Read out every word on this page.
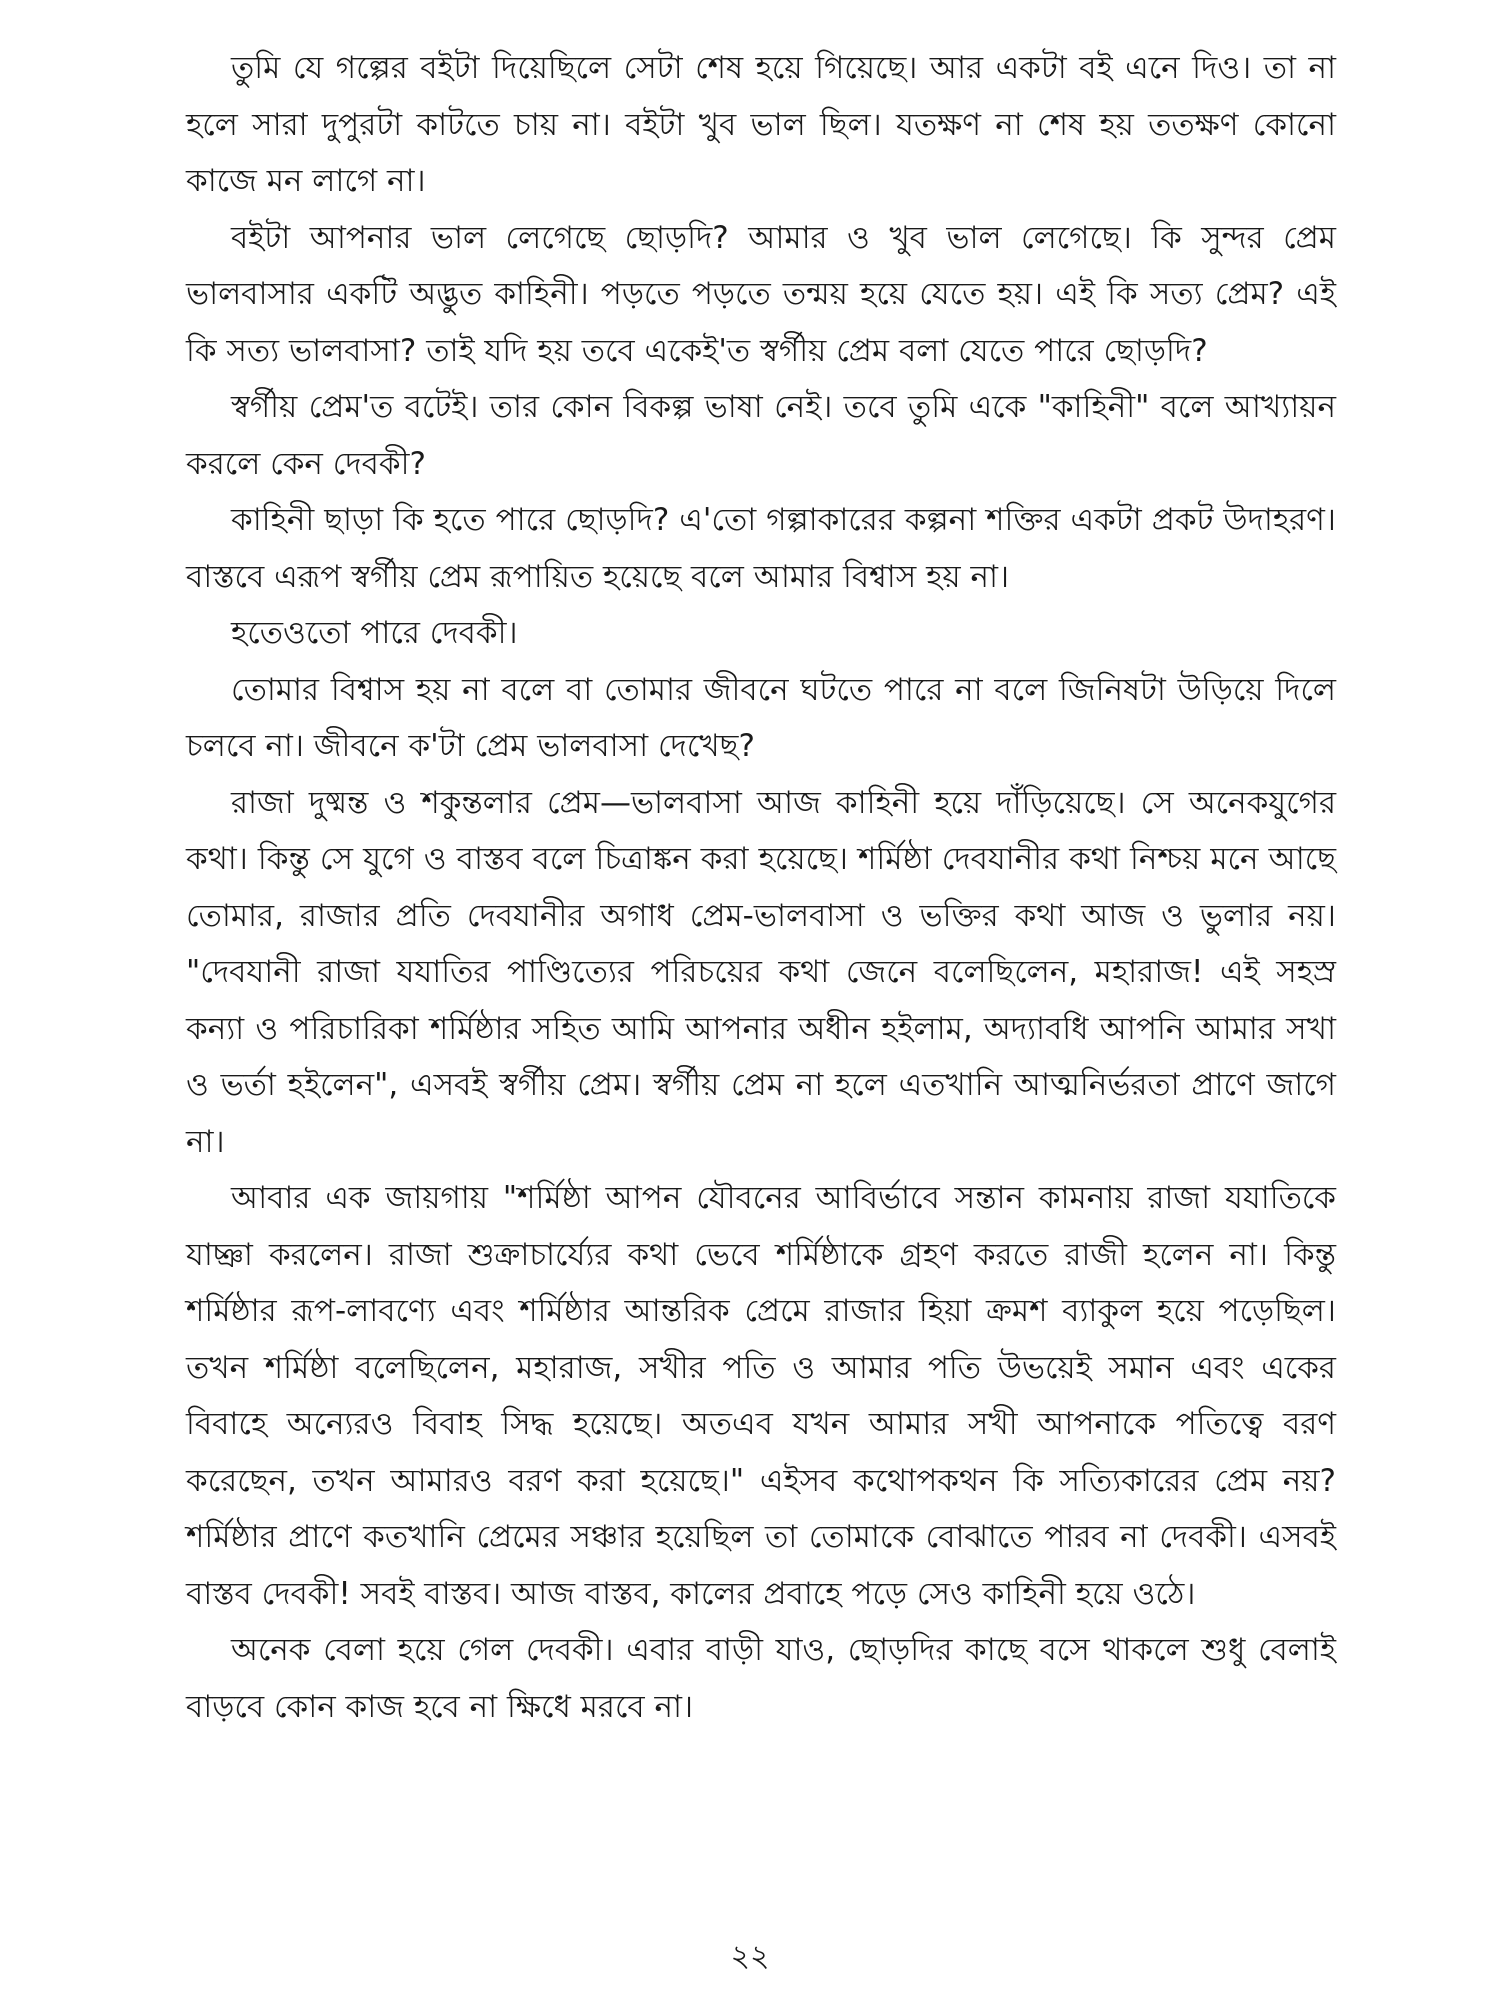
তুমি যে গল্পের বইটা দিয়েছিলে সেটা শেষ হয়ে গিয়েছে। আর একটা বই এনে দিও। তা না হলে সারা দুপুরটা কাটতে চায় না। বইটা খুব ভাল ছিল। যতক্ষণ না শেষ হয় ততক্ষণ কোনো কাজে মন লাগে না।

বইটা আপনার ভাল লেগেছে ছোড়দি? আমার ও খুব ভাল লেগেছে। কি সুন্দর প্রেম ভালবাসার একটি অদ্ভুত কাহিনী। পড়তে পড়তে তন্ময় হয়ে যেতে হয়। এই কি সত্য প্রেম? এই কি সত্য ভালবাসা? তাই যদি হয় তবে একেই'ত স্বর্গীয় প্রেম বলা যেতে পারে ছোড়দি?

স্বর্গীয় প্রেম'ত বটেই। তার কোন বিকল্প ভাষা নেই। তবে তুমি একে "কাহিনী" বলে আখ্যায়ন করলে কেন দেবকী?

কাহিনী ছাড়া কি হতে পারে ছোড়দি? এ'তো গল্পাকারের কল্পনা শক্তির একটা প্রকট উদাহরণ। বাস্তবে এরূপ স্বর্গীয় প্রেম রূপায়িত হয়েছে বলে আমার বিশ্বাস হয় না।

হতেওতো পারে দেবকী।

তোমার বিশ্বাস হয় না বলে বা তোমার জীবনে ঘটতে পারে না বলে জিনিষটা উড়িয়ে দিলে চলবে না। জীবনে ক'টা প্রেম ভালবাসা দেখেছ?

রাজা দুষ্মন্ত ও শকুন্তলার প্রেম—ভালবাসা আজ কাহিনী হয়ে দাঁড়িয়েছে। সে অনেকযুগের কথা। কিন্তু সে যুগে ও বাস্তব বলে চিত্রাঙ্কন করা হয়েছে। শর্মিষ্ঠা দেবযানীর কথা নিশ্চয় মনে আছে তোমার, রাজার প্রতি দেবযানীর অগাধ প্রেম-ভালবাসা ও ভক্তির কথা আজ ও ভুলার নয়। "দেবযানী রাজা যযাতির পাণ্ডিত্যের পরিচয়ের কথা জেনে বলেছিলেন, মহারাজ! এই সহস্র কন্যা ও পরিচারিকা শর্মিষ্ঠার সহিত আমি আপনার অধীন হইলাম, অদ্যাবধি আপনি আমার সখা ও ভর্তা হইলেন", এসবই স্বর্গীয় প্রেম। স্বর্গীয় প্রেম না হলে এতখানি আত্মনির্ভরতা প্রাণে জাগে না।

আবার এক জায়গায় "শর্মিষ্ঠা আপন যৌবনের আবির্ভাবে সন্তান কামনায় রাজা যযাতিকে যাচ্ঞা করলেন। রাজা শুক্রাচার্য্যের কথা ভেবে শর্মিষ্ঠাকে গ্রহণ করতে রাজী হলেন না। কিন্তু শর্মিষ্ঠার রূপ-লাবণ্যে এবং শর্মিষ্ঠার আন্তরিক প্রেমে রাজার হিয়া ক্রমশ ব্যাকুল হয়ে পড়েছিল। তখন শর্মিষ্ঠা বলেছিলেন, মহারাজ, সখীর পতি ও আমার পতি উভয়েই সমান এবং একের বিবাহে অন্যেরও বিবাহ সিদ্ধ হয়েছে। অতএব যখন আমার সখী আপনাকে পতিত্বে বরণ করেছেন, তখন আমারও বরণ করা হয়েছে।" এইসব কথোপকথন কি সত্যিকারের প্রেম নয়? শর্মিষ্ঠার প্রাণে কতখানি প্রেমের সঞ্চার হয়েছিল তা তোমাকে বোঝাতে পারব না দেবকী। এসবই বাস্তব দেবকী! সবই বাস্তব। আজ বাস্তব, কালের প্রবাহে পড়ে সেও কাহিনী হয়ে ওঠে।

অনেক বেলা হয়ে গেল দেবকী। এবার বাড়ী যাও, ছোড়দির কাছে বসে থাকলে শুধু বেলাই বাড়বে কোন কাজ হবে না ক্ষিধে মরবে না।

২২
